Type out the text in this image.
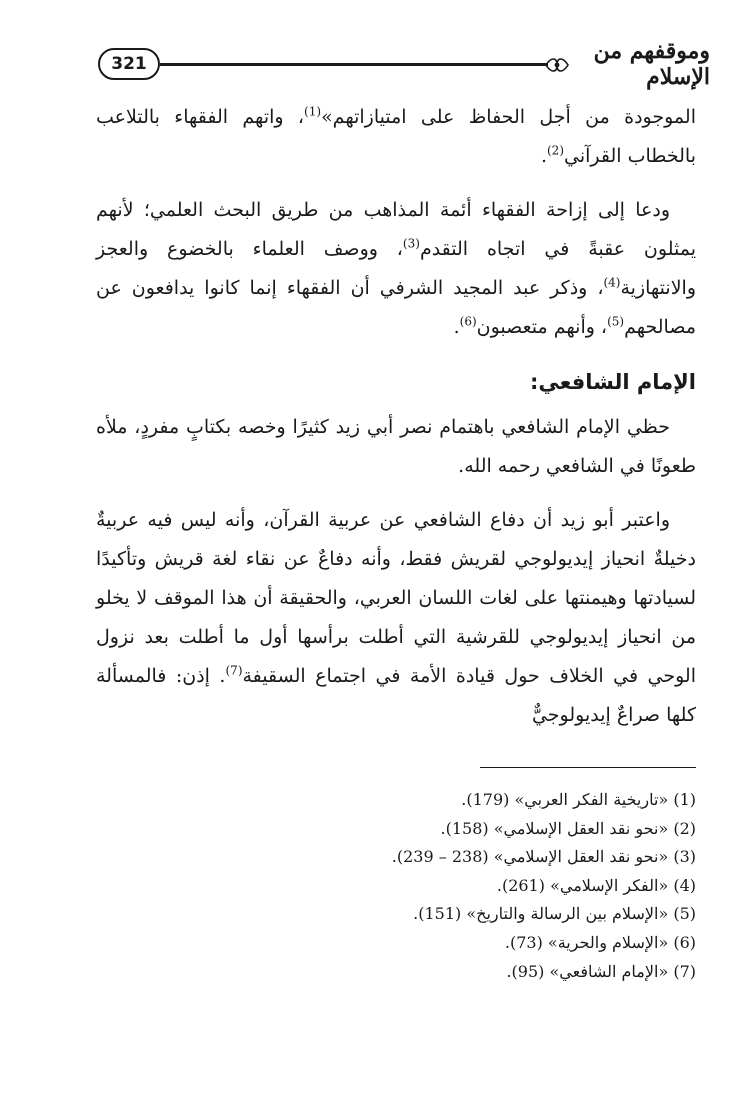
321	وموقفهم من الإسلام

الموجودة من أجل الحفاظ على امتيازاتهم»$^{(1)}$، واتهم الفقهاء بالتلاعب بالخطاب القرآني$^{(2)}$.

ودعا إلى إزاحة الفقهاء أئمة المذاهب من طريق البحث العلمي؛ لأنهم يمثلون عقبةً في اتجاه التقدم$^{(3)}$، ووصف العلماء بالخضوع والعجز والانتهازية$^{(4)}$، وذكر عبد المجيد الشرفي أن الفقهاء إنما كانوا يدافعون عن مصالحهم$^{(5)}$، وأنهم متعصبون$^{(6)}$.

الإمام الشافعي:

حظي الإمام الشافعي باهتمام نصر أبي زيد كثيرًا وخصه بكتابٍ مفردٍ، ملأه طعونًا في الشافعي رحمه الله.

واعتبر أبو زيد أن دفاع الشافعي عن عربية القرآن، وأنه ليس فيه عربيةٌ دخيلةٌ انحياز إيديولوجي لقريش فقط، وأنه دفاعٌ عن نقاء لغة قريش وتأكيدًا لسيادتها وهيمنتها على لغات اللسان العربي، والحقيقة أن هذا الموقف لا يخلو من انحياز إيديولوجي للقرشية التي أطلت برأسها أول ما أطلت بعد نزول الوحي في الخلاف حول قيادة الأمة في اجتماع السقيفة$^{(7)}$. إذن: فالمسألة كلها صراعٌ إيديولوجيٌّ

(1) «تاريخية الفكر العربي» (179).
(2) «نحو نقد العقل الإسلامي» (158).
(3) «نحو نقد العقل الإسلامي» (238 – 239).
(4) «الفكر الإسلامي» (261).
(5) «الإسلام بين الرسالة والتاريخ» (151).
(6) «الإسلام والحرية» (73).
(7) «الإمام الشافعي» (95).
